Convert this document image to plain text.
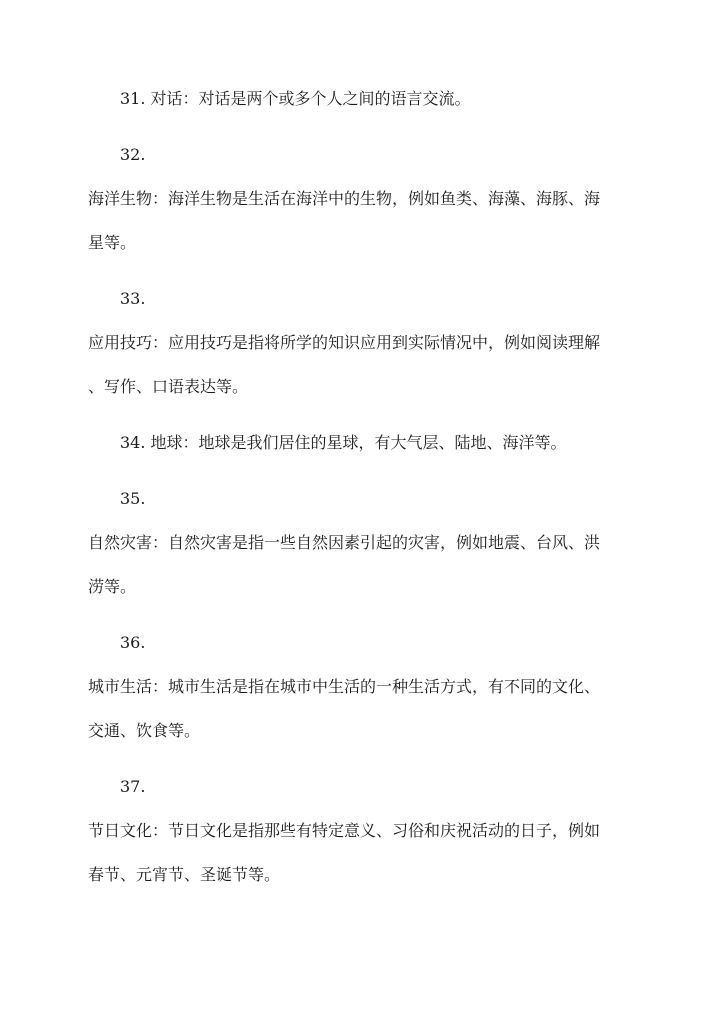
31. 对话：对话是两个或多个人之间的语言交流。
32.
海洋生物：海洋生物是生活在海洋中的生物，例如鱼类、海藻、海豚、海
星等。
33.
应用技巧：应用技巧是指将所学的知识应用到实际情况中，例如阅读理解
、写作、口语表达等。
34. 地球：地球是我们居住的星球，有大气层、陆地、海洋等。
35.
自然灾害：自然灾害是指一些自然因素引起的灾害，例如地震、台风、洪
涝等。
36.
城市生活：城市生活是指在城市中生活的一种生活方式，有不同的文化、
交通、饮食等。
37.
节日文化：节日文化是指那些有特定意义、习俗和庆祝活动的日子，例如
春节、元宵节、圣诞节等。
